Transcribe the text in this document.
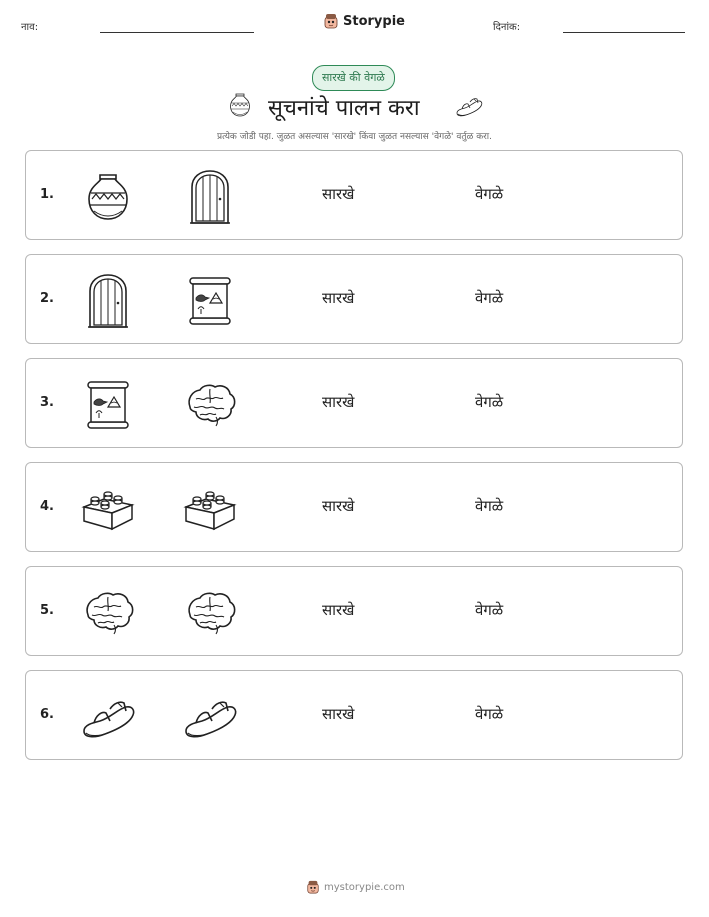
नाव:	Storypie	दिनांक:
सारखे की वेगळे
सूचनांचे पालन करा
प्रत्येक जोडी पहा. जुळत असल्यास 'सारखे' किंवा जुळत नसल्यास 'वेगळे' वर्तुळ करा.
1.	सारखे	वेगळे
2.	सारखे	वेगळे
3.	सारखे	वेगळे
4.	सारखे	वेगळे
5.	सारखे	वेगळे
6.	सारखे	वेगळे
mystorypie.com
